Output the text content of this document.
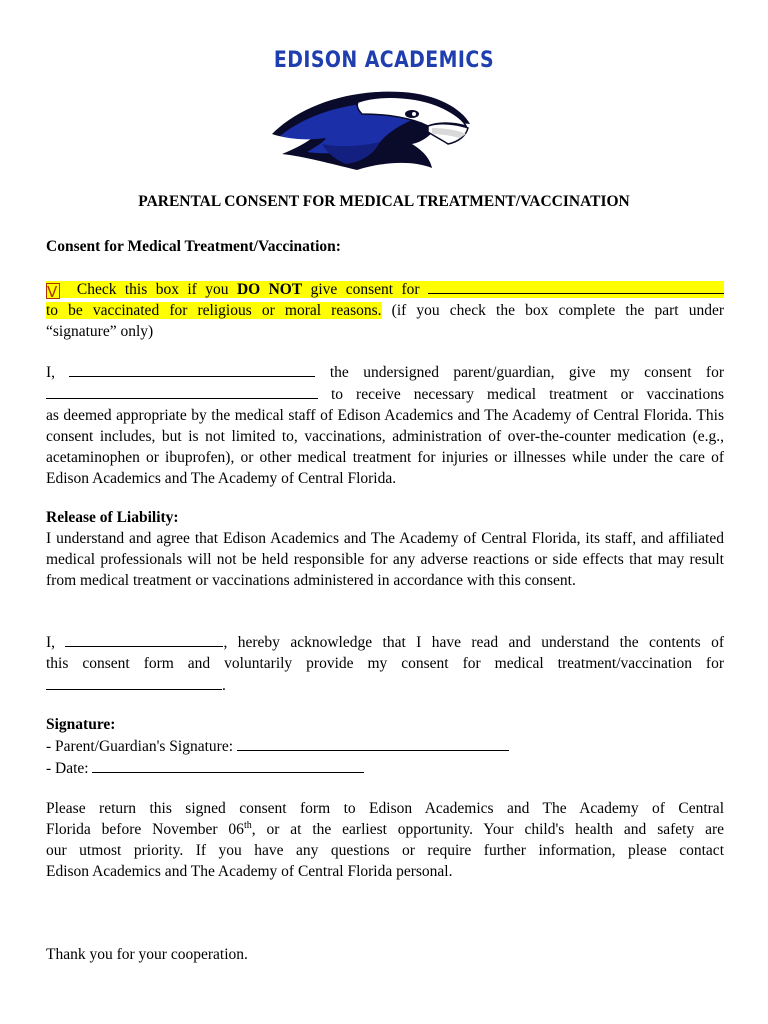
EDISON ACADEMICS
PARENTAL CONSENT FOR MEDICAL TREATMENT/VACCINATION
Consent for Medical Treatment/Vaccination:

V Check this box if you DO NOT give consent for

to be vaccinated for religious or moral reasons. (if you check the box complete the part under

“signature” only)

I,	the undersigned parent/guardian, give my consent for

to receive necessary medical treatment or vaccinations

as deemed appropriate by the medical staff of Edison Academics and The Academy of Central Florida. This consent includes, but is not limited to, vaccinations, administration of over-the-counter medication (e.g., acetaminophen or ibuprofen), or other medical treatment for injuries or illnesses while under the care of Edison Academics and The Academy of Central Florida.

Release of Liability:

I understand and agree that Edison Academics and The Academy of Central Florida, its staff, and affiliated medical professionals will not be held responsible for any adverse reactions or side effects that may result from medical treatment or vaccinations administered in accordance with this consent.

I,	, hereby acknowledge that I have read and understand the contents of

this consent form and voluntarily provide my consent for medical treatment/vaccination for

.

Signature:

- Parent/Guardian's Signature:

- Date:

Please return this signed consent form to Edison Academics and The Academy of Central

Florida before November 06th, or at the earliest opportunity. Your child's health and safety are

our utmost priority. If you have any questions or require further information, please contact

Edison Academics and The Academy of Central Florida personal.

Thank you for your cooperation.
